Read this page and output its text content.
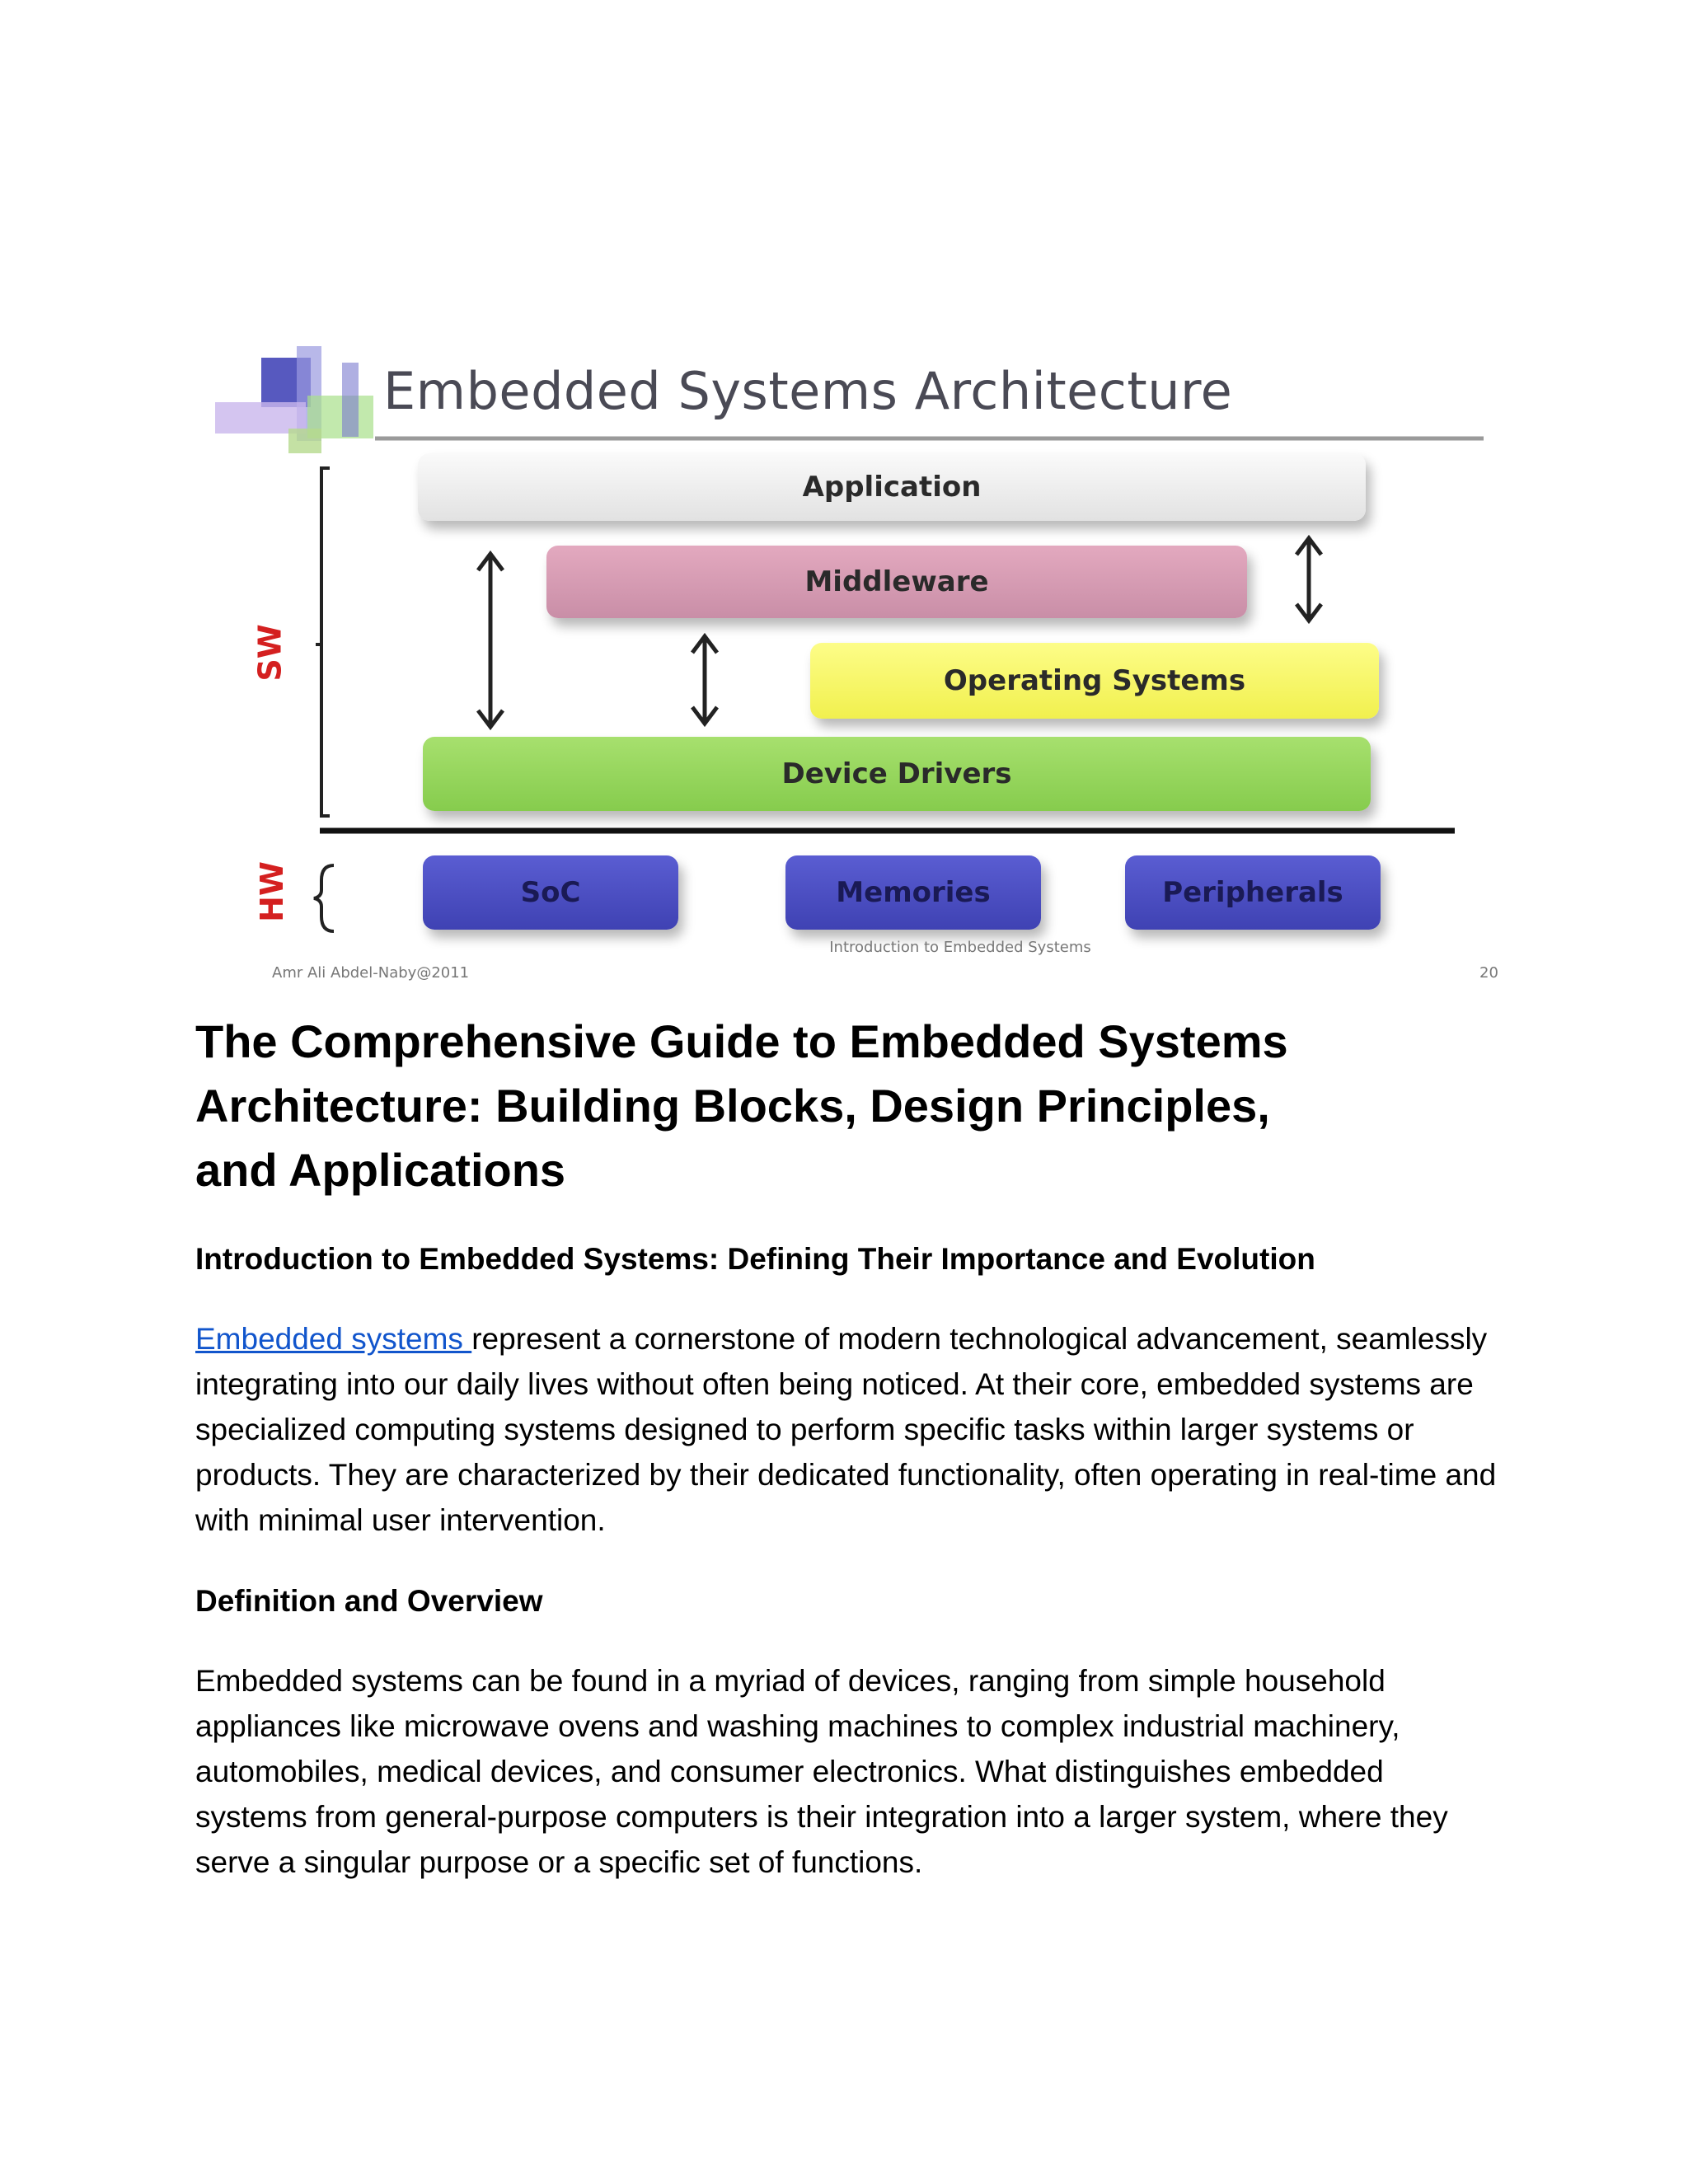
Embedded Systems Architecture
Application
Middleware
Operating Systems
Device Drivers
SoC	Memories	Peripherals
SW
HW
Amr Ali Abdel-Naby@2011
Introduction to Embedded Systems
20
The Comprehensive Guide to Embedded Systems Architecture: Building Blocks, Design Principles, and Applications
Introduction to Embedded Systems: Defining Their Importance and Evolution

Embedded systems represent a cornerstone of modern technological advancement, seamlessly integrating into our daily lives without often being noticed. At their core, embedded systems are specialized computing systems designed to perform specific tasks within larger systems or products. They are characterized by their dedicated functionality, often operating in real-time and with minimal user intervention.

Definition and Overview

Embedded systems can be found in a myriad of devices, ranging from simple household appliances like microwave ovens and washing machines to complex industrial machinery, automobiles, medical devices, and consumer electronics. What distinguishes embedded systems from general-purpose computers is their integration into a larger system, where they serve a singular purpose or a specific set of functions.
